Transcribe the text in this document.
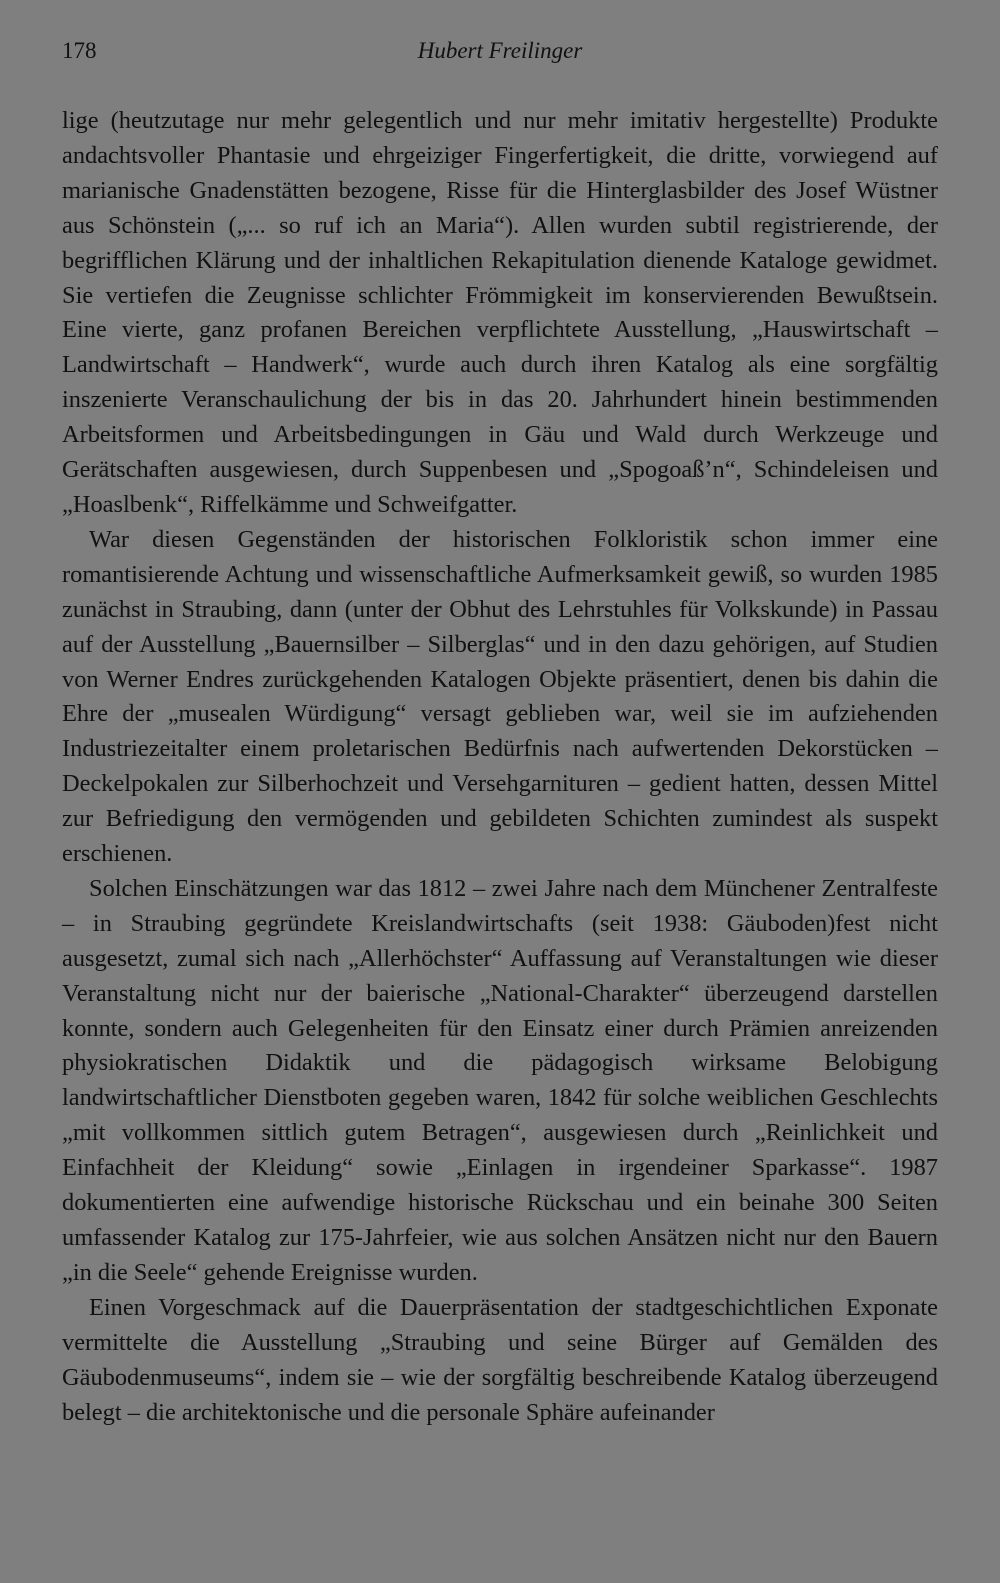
178	Hubert Freilinger

lige (heutzutage nur mehr gelegentlich und nur mehr imitativ hergestellte) Produkte andachtsvoller Phantasie und ehrgeiziger Fingerfertigkeit, die dritte, vorwiegend auf marianische Gnadenstätten bezogene, Risse für die Hinterglasbilder des Josef Wüstner aus Schönstein („... so ruf ich an Maria“). Allen wurden subtil registrierende, der begrifflichen Klärung und der inhaltlichen Rekapitulation dienende Kataloge gewidmet. Sie vertiefen die Zeugnisse schlichter Frömmigkeit im konservierenden Bewußtsein. Eine vierte, ganz profanen Bereichen verpflichtete Ausstellung, „Hauswirtschaft – Landwirtschaft – Handwerk“, wurde auch durch ihren Katalog als eine sorgfältig inszenierte Veranschaulichung der bis in das 20. Jahrhundert hinein bestimmenden Arbeitsformen und Arbeitsbedingungen in Gäu und Wald durch Werkzeuge und Gerätschaften ausgewiesen, durch Suppenbesen und „Spogoaß’n“, Schindeleisen und „Hoaslbenk“, Riffelkämme und Schweifgatter.

War diesen Gegenständen der historischen Folkloristik schon immer eine romantisierende Achtung und wissenschaftliche Aufmerksamkeit gewiß, so wurden 1985 zunächst in Straubing, dann (unter der Obhut des Lehrstuhles für Volkskunde) in Passau auf der Ausstellung „Bauernsilber – Silberglas“ und in den dazu gehörigen, auf Studien von Werner Endres zurückgehenden Katalogen Objekte präsentiert, denen bis dahin die Ehre der „musealen Würdigung“ versagt geblieben war, weil sie im aufziehenden Industriezeitalter einem proletarischen Bedürfnis nach aufwertenden Dekorstücken – Deckelpokalen zur Silberhochzeit und Versehgarnituren – gedient hatten, dessen Mittel zur Befriedigung den vermögenden und gebildeten Schichten zumindest als suspekt erschienen.

Solchen Einschätzungen war das 1812 – zwei Jahre nach dem Münchener Zentralfeste – in Straubing gegründete Kreislandwirtschafts (seit 1938: Gäuboden)fest nicht ausgesetzt, zumal sich nach „Allerhöchster“ Auffassung auf Veranstaltungen wie dieser Veranstaltung nicht nur der baierische „National-Charakter“ überzeugend darstellen konnte, sondern auch Gelegenheiten für den Einsatz einer durch Prämien anreizenden physiokratischen Didaktik und die pädagogisch wirksame Belobigung landwirtschaftlicher Dienstboten gegeben waren, 1842 für solche weiblichen Geschlechts „mit vollkommen sittlich gutem Betragen“, ausgewiesen durch „Reinlichkeit und Einfachheit der Kleidung“ sowie „Einlagen in irgendeiner Sparkasse“. 1987 dokumentierten eine aufwendige historische Rückschau und ein beinahe 300 Seiten umfassender Katalog zur 175-Jahrfeier, wie aus solchen Ansätzen nicht nur den Bauern „in die Seele“ gehende Ereignisse wurden.

Einen Vorgeschmack auf die Dauerpräsentation der stadtgeschichtlichen Exponate vermittelte die Ausstellung „Straubing und seine Bürger auf Gemälden des Gäubodenmuseums“, indem sie – wie der sorgfältig beschreibende Katalog überzeugend belegt – die architektonische und die personale Sphäre aufeinander
